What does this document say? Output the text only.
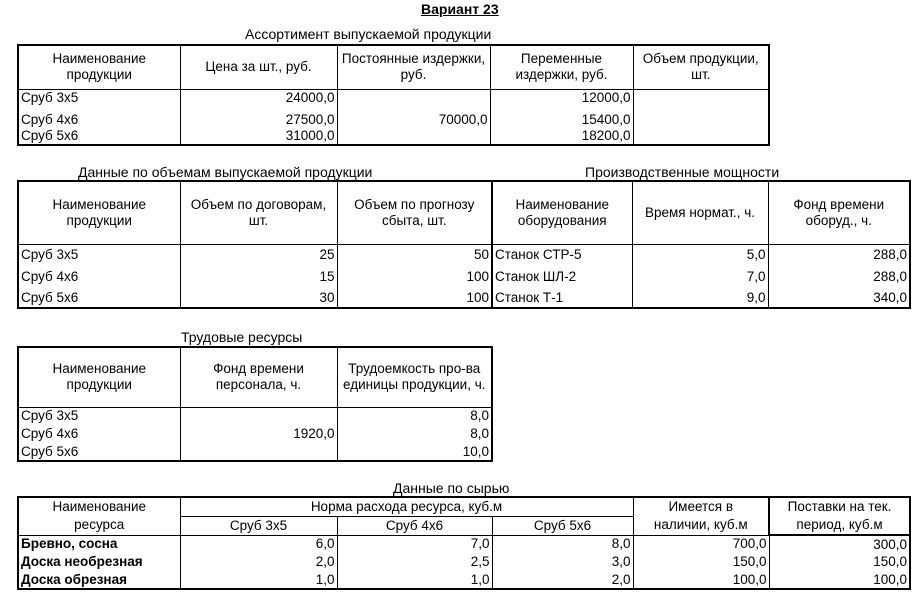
Вариант 23
Ассортимент выпускаемой продукции
Наименование продукции	Цена за шт., руб.	Постоянные издержки, руб.	Переменные издержки, руб.	Объем продукции, шт.
Сруб 3х5	24000,0		12000,0	
Сруб 4х6	27500,0	70000,0	15400,0	
Сруб 5х6	31000,0		18200,0	
Данные по объемам выпускаемой продукции
Наименование продукции	Объем по договорам, шт.	Объем по прогнозу сбыта, шт.
Сруб 3х5	25	50
Сруб 4х6	15	100
Сруб 5х6	30	100
Производственные мощности
Наименование оборудования	Время нормат., ч.	Фонд времени оборуд., ч.
Станок СТР-5	5,0	288,0
Станок ШЛ-2	7,0	288,0
Станок Т-1	9,0	340,0
Трудовые ресурсы
Наименование продукции	Фонд времени персонала, ч.	Трудоемкость про-ва единицы продукции, ч.
Сруб 3х5		8,0
Сруб 4х6	1920,0	8,0
Сруб 5х6		10,0
Данные по сырью
Наименование	Норма расхода ресурса, куб.м			Имеется в	Поставки на тек.
ресурса	Сруб 3х5	Сруб 4х6	Сруб 5х6	наличии, куб.м	период, куб.м
Бревно, сосна	6,0	7,0	8,0	700,0	300,0
Доска необрезная	2,0	2,5	3,0	150,0	150,0
Доска обрезная	1,0	1,0	2,0	100,0	100,0
